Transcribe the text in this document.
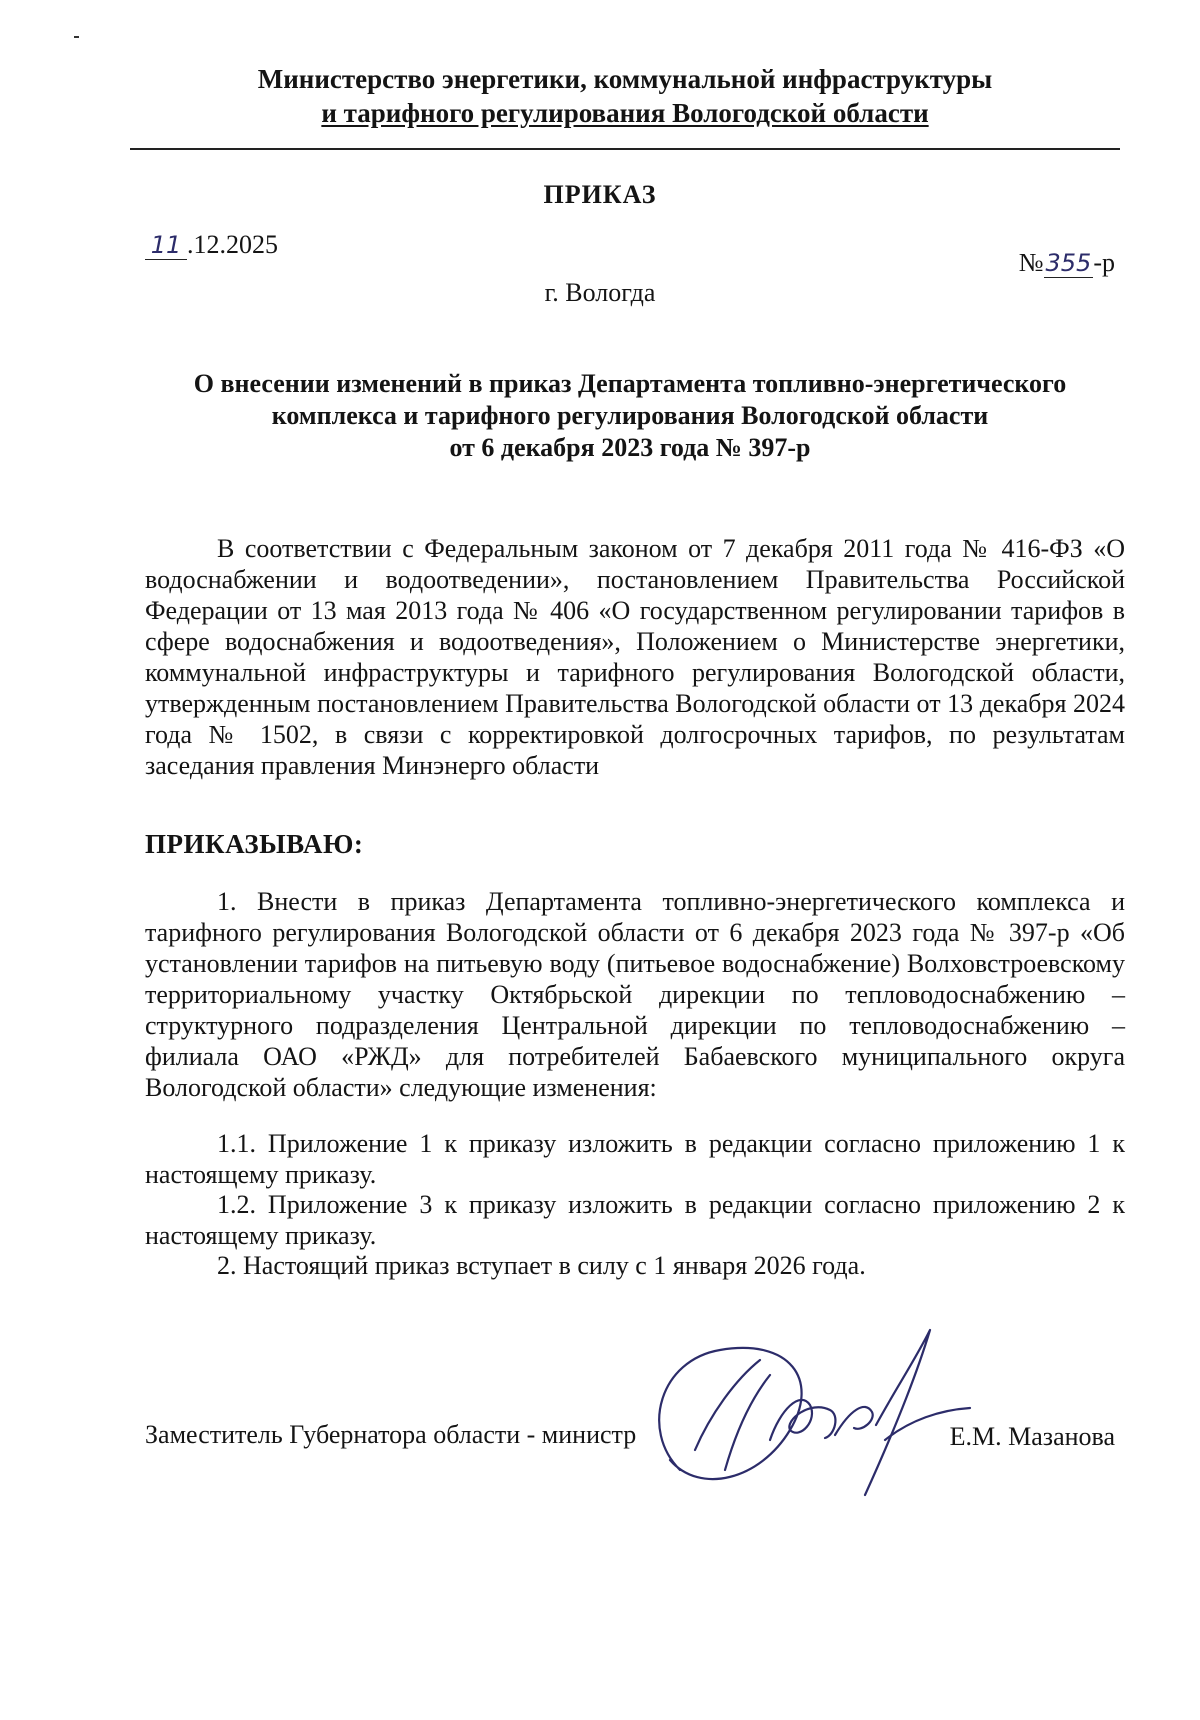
Министерство энергетики, коммунальной инфраструктуры
и тарифного регулирования Вологодской области
ПРИКАЗ
11 .12.2025
№355-р
г. Вологда
О внесении изменений в приказ Департамента топливно-энергетического
комплекса и тарифного регулирования Вологодской области
от 6 декабря 2023 года № 397-р
В соответствии с Федеральным законом от 7 декабря 2011 года № 416-ФЗ «О водоснабжении и водоотведении», постановлением Правительства Российской Федерации от 13 мая 2013 года № 406 «О государственном регулировании тарифов в сфере водоснабжения и водоотведения», Положением о Министерстве энергетики, коммунальной инфраструктуры и тарифного регулирования Вологодской области, утвержденным постановлением Правительства Вологодской области от 13 декабря 2024 года № 1502, в связи с корректировкой долгосрочных тарифов, по результатам заседания правления Минэнерго области
ПРИКАЗЫВАЮ:
1. Внести в приказ Департамента топливно-энергетического комплекса и тарифного регулирования Вологодской области от 6 декабря 2023 года № 397-р «Об установлении тарифов на питьевую воду (питьевое водоснабжение) Волховстроевскому территориальному участку Октябрьской дирекции по тепловодоснабжению – структурного подразделения Центральной дирекции по тепловодоснабжению – филиала ОАО «РЖД» для потребителей Бабаевского муниципального округа Вологодской области» следующие изменения:
1.1. Приложение 1 к приказу изложить в редакции согласно приложению 1 к настоящему приказу.
1.2. Приложение 3 к приказу изложить в редакции согласно приложению 2 к настоящему приказу.
2. Настоящий приказ вступает в силу с 1 января 2026 года.
Заместитель Губернатора области - министр	Е.М. Мазанова
